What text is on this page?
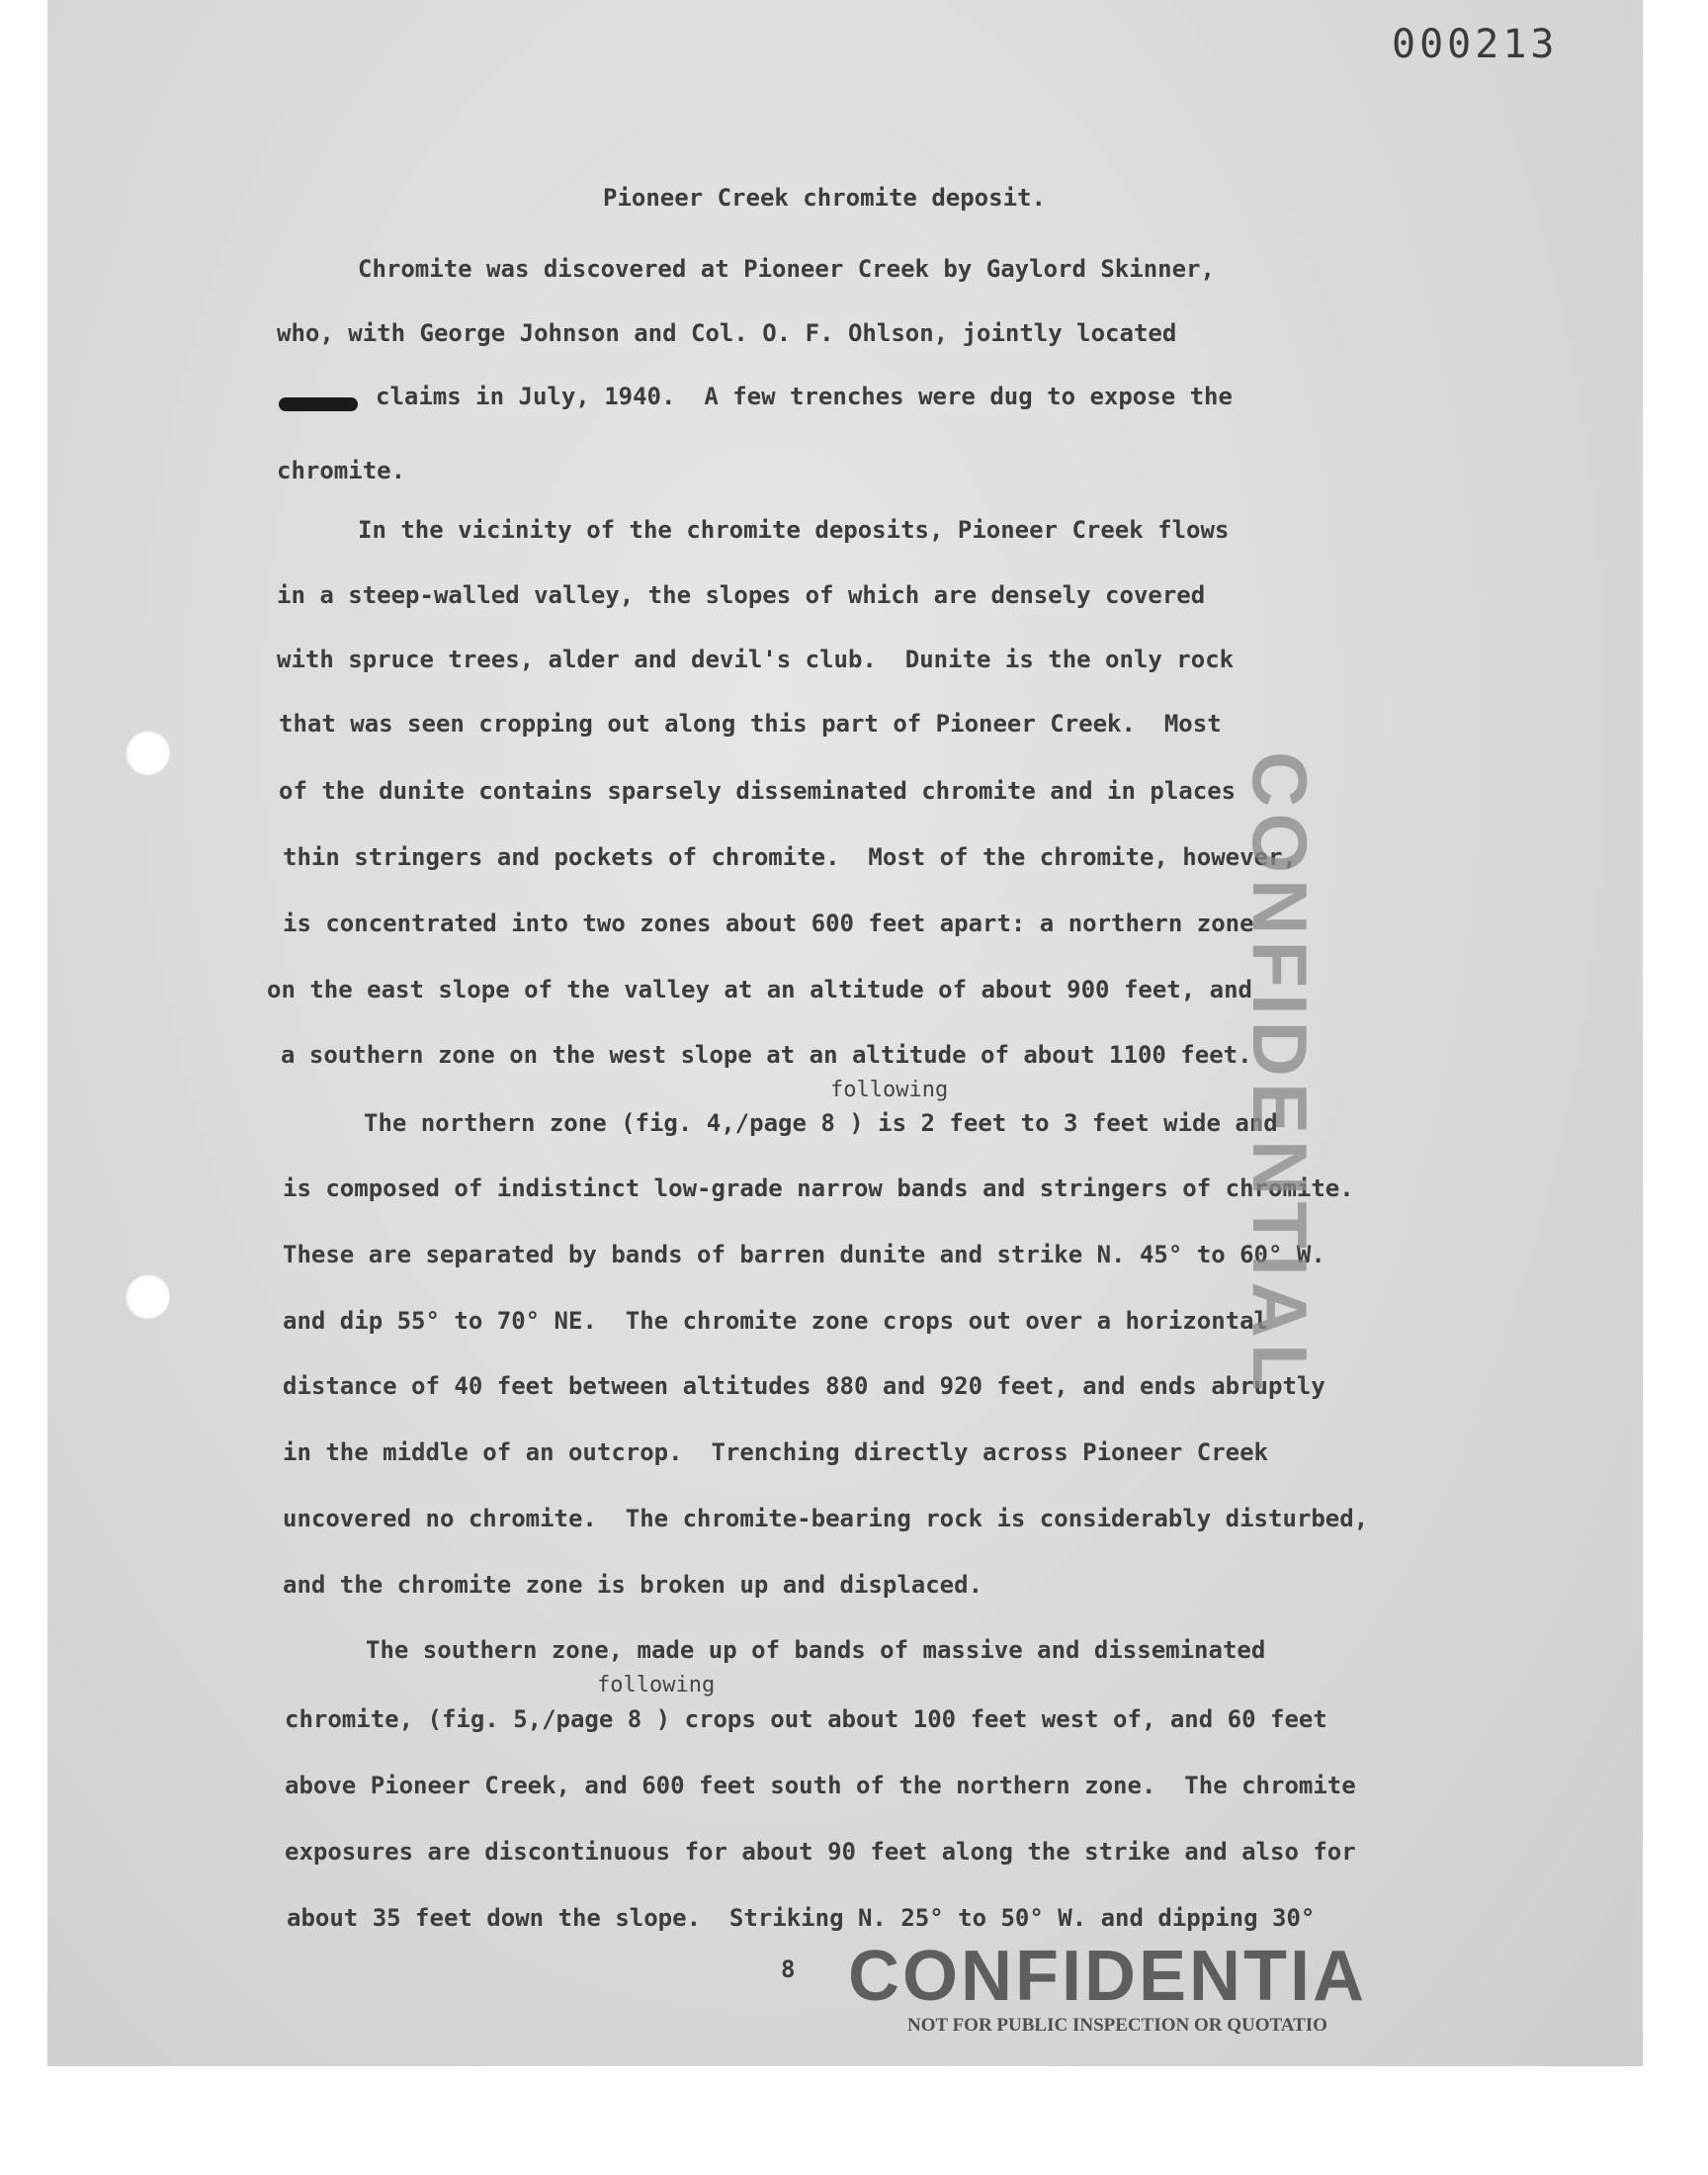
000213
Pioneer Creek chromite deposit.
Chromite was discovered at Pioneer Creek by Gaylord Skinner,
who, with George Johnson and Col. O. F. Ohlson, jointly located
claims in July, 1940.  A few trenches were dug to expose the
chromite.
In the vicinity of the chromite deposits, Pioneer Creek flows
in a steep-walled valley, the slopes of which are densely covered
with spruce trees, alder and devil's club.  Dunite is the only rock
that was seen cropping out along this part of Pioneer Creek.  Most
of the dunite contains sparsely disseminated chromite and in places
thin stringers and pockets of chromite.  Most of the chromite, however,
is concentrated into two zones about 600 feet apart: a northern zone
on the east slope of the valley at an altitude of about 900 feet, and
a southern zone on the west slope at an altitude of about 1100 feet.
following
The northern zone (fig. 4,/page 8 ) is 2 feet to 3 feet wide and
is composed of indistinct low-grade narrow bands and stringers of chromite.
These are separated by bands of barren dunite and strike N. 45° to 60° W.
and dip 55° to 70° NE.  The chromite zone crops out over a horizontal
distance of 40 feet between altitudes 880 and 920 feet, and ends abruptly
in the middle of an outcrop.  Trenching directly across Pioneer Creek
uncovered no chromite.  The chromite-bearing rock is considerably disturbed,
and the chromite zone is broken up and displaced.
The southern zone, made up of bands of massive and disseminated
following
chromite, (fig. 5,/page 8 ) crops out about 100 feet west of, and 60 feet
above Pioneer Creek, and 600 feet south of the northern zone.  The chromite
exposures are discontinuous for about 90 feet along the strike and also for
about 35 feet down the slope.  Striking N. 25° to 50° W. and dipping 30°
8 CONFIDENTIA
NOT FOR PUBLIC INSPECTION OR QUOTATIO
CONFIDENTIAL
